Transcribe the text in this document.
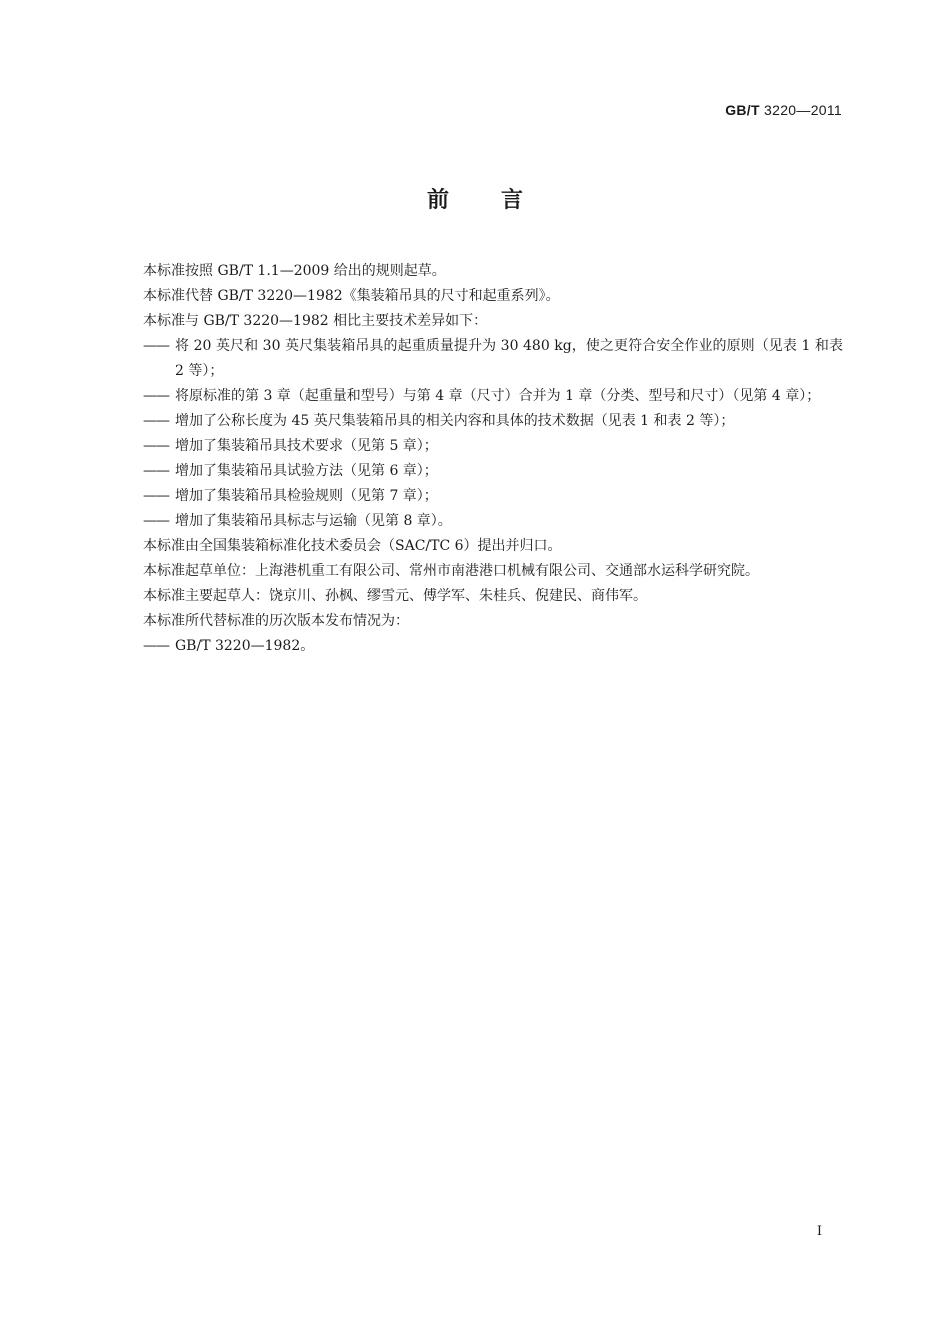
GB/T 3220—2011
前言

本标准按照 GB/T 1.1—2009 给出的规则起草。

本标准代替 GB/T 3220—1982《集装箱吊具的尺寸和起重系列》。

本标准与 GB/T 3220—1982 相比主要技术差异如下：

—— 将 20 英尺和 30 英尺集装箱吊具的起重质量提升为 30 480 kg，使之更符合安全作业的原则（见表 1 和表 2 等）；
—— 将原标准的第 3 章（起重量和型号）与第 4 章（尺寸）合并为 1 章（分类、型号和尺寸）（见第 4 章）；
—— 增加了公称长度为 45 英尺集装箱吊具的相关内容和具体的技术数据（见表 1 和表 2 等）；
—— 增加了集装箱吊具技术要求（见第 5 章）；
—— 增加了集装箱吊具试验方法（见第 6 章）；
—— 增加了集装箱吊具检验规则（见第 7 章）；
—— 增加了集装箱吊具标志与运输（见第 8 章）。

本标准由全国集装箱标准化技术委员会（SAC/TC 6）提出并归口。

本标准起草单位：上海港机重工有限公司、常州市南港港口机械有限公司、交通部水运科学研究院。

本标准主要起草人：饶京川、孙枫、缪雪元、傅学军、朱桂兵、倪建民、商伟军。

本标准所代替标准的历次版本发布情况为：

—— GB/T 3220—1982。
I
